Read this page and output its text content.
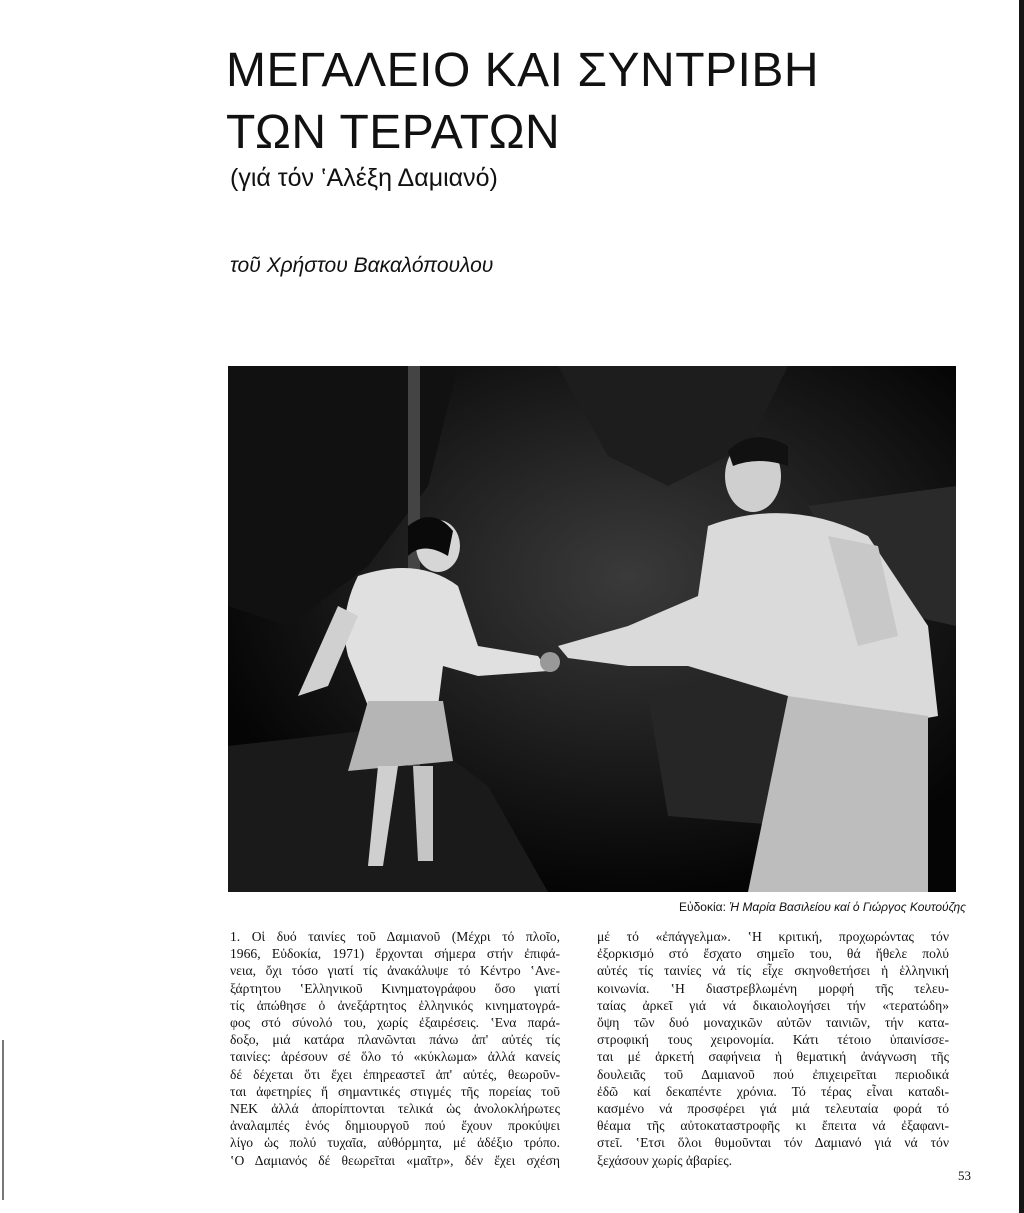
ΜΕΓΑΛΕΙΟ ΚΑΙ ΣΥΝΤΡΙΒΗ
ΤΩΝ ΤΕΡΑΤΩΝ

(γιά τόν ‛Αλέξη Δαμιανό)

τοῦ Χρήστου Βακαλόπουλου

Εὐδοκία: Ἡ Μαρία Βασιλείου καί ὁ Γιώργος Κουτούζης
1. Οἱ δυό ταινίες τοῦ Δαμιανοῦ (Μέχρι τό πλοῖο,
1966, Εὐδοκία, 1971) ἔρχονται σήμερα στήν ἐπιφά-
νεια, ὄχι τόσο γιατί τίς ἀνακάλυψε τό Κέντρο ‛Ανε-
ξάρτητου ‛Ελληνικοῦ Κινηματογράφου ὅσο γιατί
τίς ἀπώθησε ὁ ἀνεξάρτητος ἑλληνικός κινηματογρά-
φος στό σύνολό του, χωρίς ἐξαιρέσεις. ‛Ενα παρά-
δοξο, μιά κατάρα πλανῶνται πάνω ἀπ' αὐτές τίς
ταινίες: ἀρέσουν σέ ὅλο τό «κύκλωμα» ἀλλά κανείς
δέ δέχεται ὅτι ἔχει ἐπηρεαστεῖ ἀπ' αὐτές, θεωροῦν-
ται ἀφετηρίες ἤ σημαντικές στιγμές τῆς πορείας τοῦ
ΝΕΚ ἀλλά ἀπορίπτονται τελικά ὡς ἀνολοκλήρωτες
ἀναλαμπές ἑνός δημιουργοῦ πού ἔχουν προκύψει
λίγο ὡς πολύ τυχαῖα, αὐθόρμητα, μέ ἀδέξιο τρόπο.
‛Ο Δαμιανός δέ θεωρεῖται «μαῖτρ», δέν ἔχει σχέση
μέ τό «ἐπάγγελμα». ‛Η κριτική, προχωρώντας τόν
ἐξορκισμό στό ἔσχατο σημεῖο του, θά ἤθελε πολύ
αὐτές τίς ταινίες νά τίς εἶχε σκηνοθετήσει ἡ ἑλληνική
κοινωνία. ‛Η διαστρεβλωμένη μορφή τῆς τελευ-
ταίας ἀρκεῖ γιά νά δικαιολογήσει τήν «τερατώδη»
ὄψη τῶν δυό μοναχικῶν αὐτῶν ταινιῶν, τήν κατα-
στροφική τους χειρονομία. Κάτι τέτοιο ὑπαινίσσε-
ται μέ ἀρκετή σαφήνεια ἡ θεματική ἀνάγνωση τῆς
δουλειᾶς τοῦ Δαμιανοῦ πού ἐπιχειρεῖται περιοδικά
ἐδῶ καί δεκαπέντε χρόνια. Τό τέρας εἶναι καταδι-
κασμένο νά προσφέρει γιά μιά τελευταία φορά τό
θέαμα τῆς αὐτοκαταστροφῆς κι ἔπειτα νά ἐξαφανι-
στεῖ. ‛Ετσι ὅλοι θυμοῦνται τόν Δαμιανό γιά νά τόν
ξεχάσουν χωρίς ἀβαρίες.
53
